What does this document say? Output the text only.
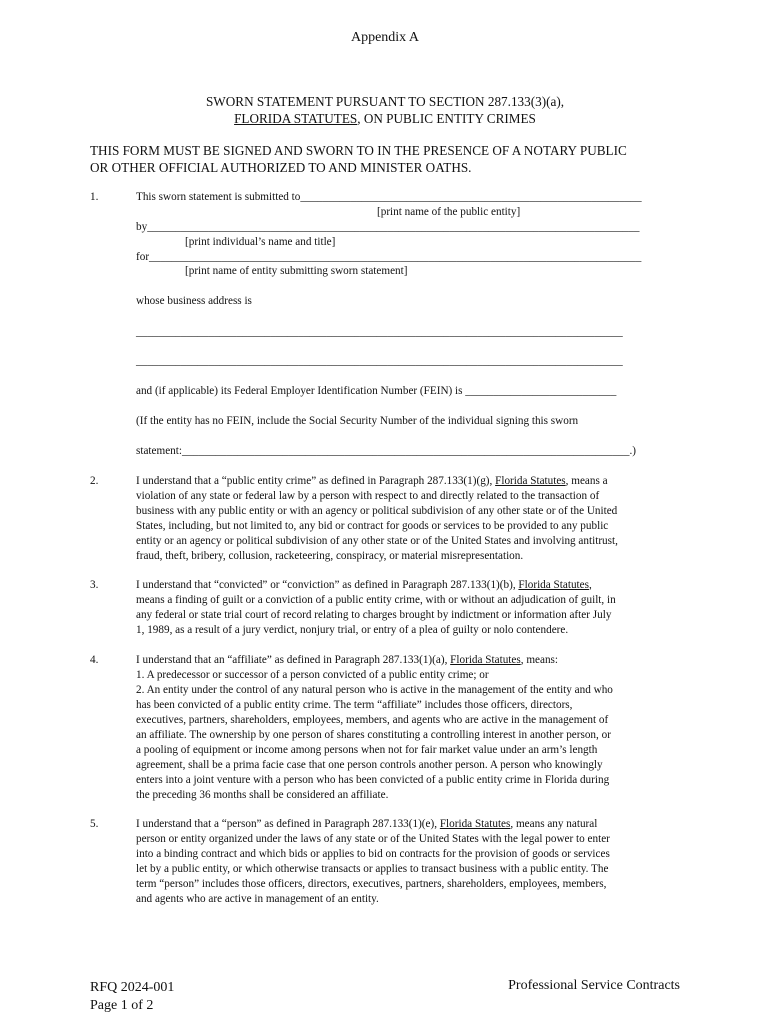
Appendix A
SWORN STATEMENT PURSUANT TO SECTION 287.133(3)(a),
FLORIDA STATUTES, ON PUBLIC ENTITY CRIMES
THIS FORM MUST BE SIGNED AND SWORN TO IN THE PRESENCE OF A NOTARY PUBLIC
OR OTHER OFFICIAL AUTHORIZED TO AND MINISTER OATHS.
1.	This sworn statement is submitted to_____________________________________________________________
[print name of the public entity]
by________________________________________________________________________________________
[print individual’s name and title]
for________________________________________________________________________________________
[print name of entity submitting sworn statement]
whose business address is
_______________________________________________________________________________________
_______________________________________________________________________________________
and (if applicable) its Federal Employer Identification Number (FEIN) is ___________________________
(If the entity has no FEIN, include the Social Security Number of the individual signing this sworn
statement:________________________________________________________________________________.)
2.	I understand that a “public entity crime” as defined in Paragraph 287.133(1)(g), Florida Statutes, means a
violation of any state or federal law by a person with respect to and directly related to the transaction of
business with any public entity or with an agency or political subdivision of any other state or of the United
States, including, but not limited to, any bid or contract for goods or services to be provided to any public
entity or an agency or political subdivision of any other state or of the United States and involving antitrust,
fraud, theft, bribery, collusion, racketeering, conspiracy, or material misrepresentation.
3.	I understand that “convicted” or “conviction” as defined in Paragraph 287.133(1)(b), Florida Statutes,
means a finding of guilt or a conviction of a public entity crime, with or without an adjudication of guilt, in
any federal or state trial court of record relating to charges brought by indictment or information after July
1, 1989, as a result of a jury verdict, nonjury trial, or entry of a plea of guilty or nolo contendere.
4.	I understand that an “affiliate” as defined in Paragraph 287.133(1)(a), Florida Statutes, means:
1. A predecessor or successor of a person convicted of a public entity crime; or
2. An entity under the control of any natural person who is active in the management of the entity and who
has been convicted of a public entity crime. The term “affiliate” includes those officers, directors,
executives, partners, shareholders, employees, members, and agents who are active in the management of
an affiliate. The ownership by one person of shares constituting a controlling interest in another person, or
a pooling of equipment or income among persons when not for fair market value under an arm’s length
agreement, shall be a prima facie case that one person controls another person. A person who knowingly
enters into a joint venture with a person who has been convicted of a public entity crime in Florida during
the preceding 36 months shall be considered an affiliate.
5.	I understand that a “person” as defined in Paragraph 287.133(1)(e), Florida Statutes, means any natural
person or entity organized under the laws of any state or of the United States with the legal power to enter
into a binding contract and which bids or applies to bid on contracts for the provision of goods or services
let by a public entity, or which otherwise transacts or applies to transact business with a public entity. The
term “person” includes those officers, directors, executives, partners, shareholders, employees, members,
and agents who are active in management of an entity.
RFQ 2024-001
Page 1 of 2
Professional Service Contracts
